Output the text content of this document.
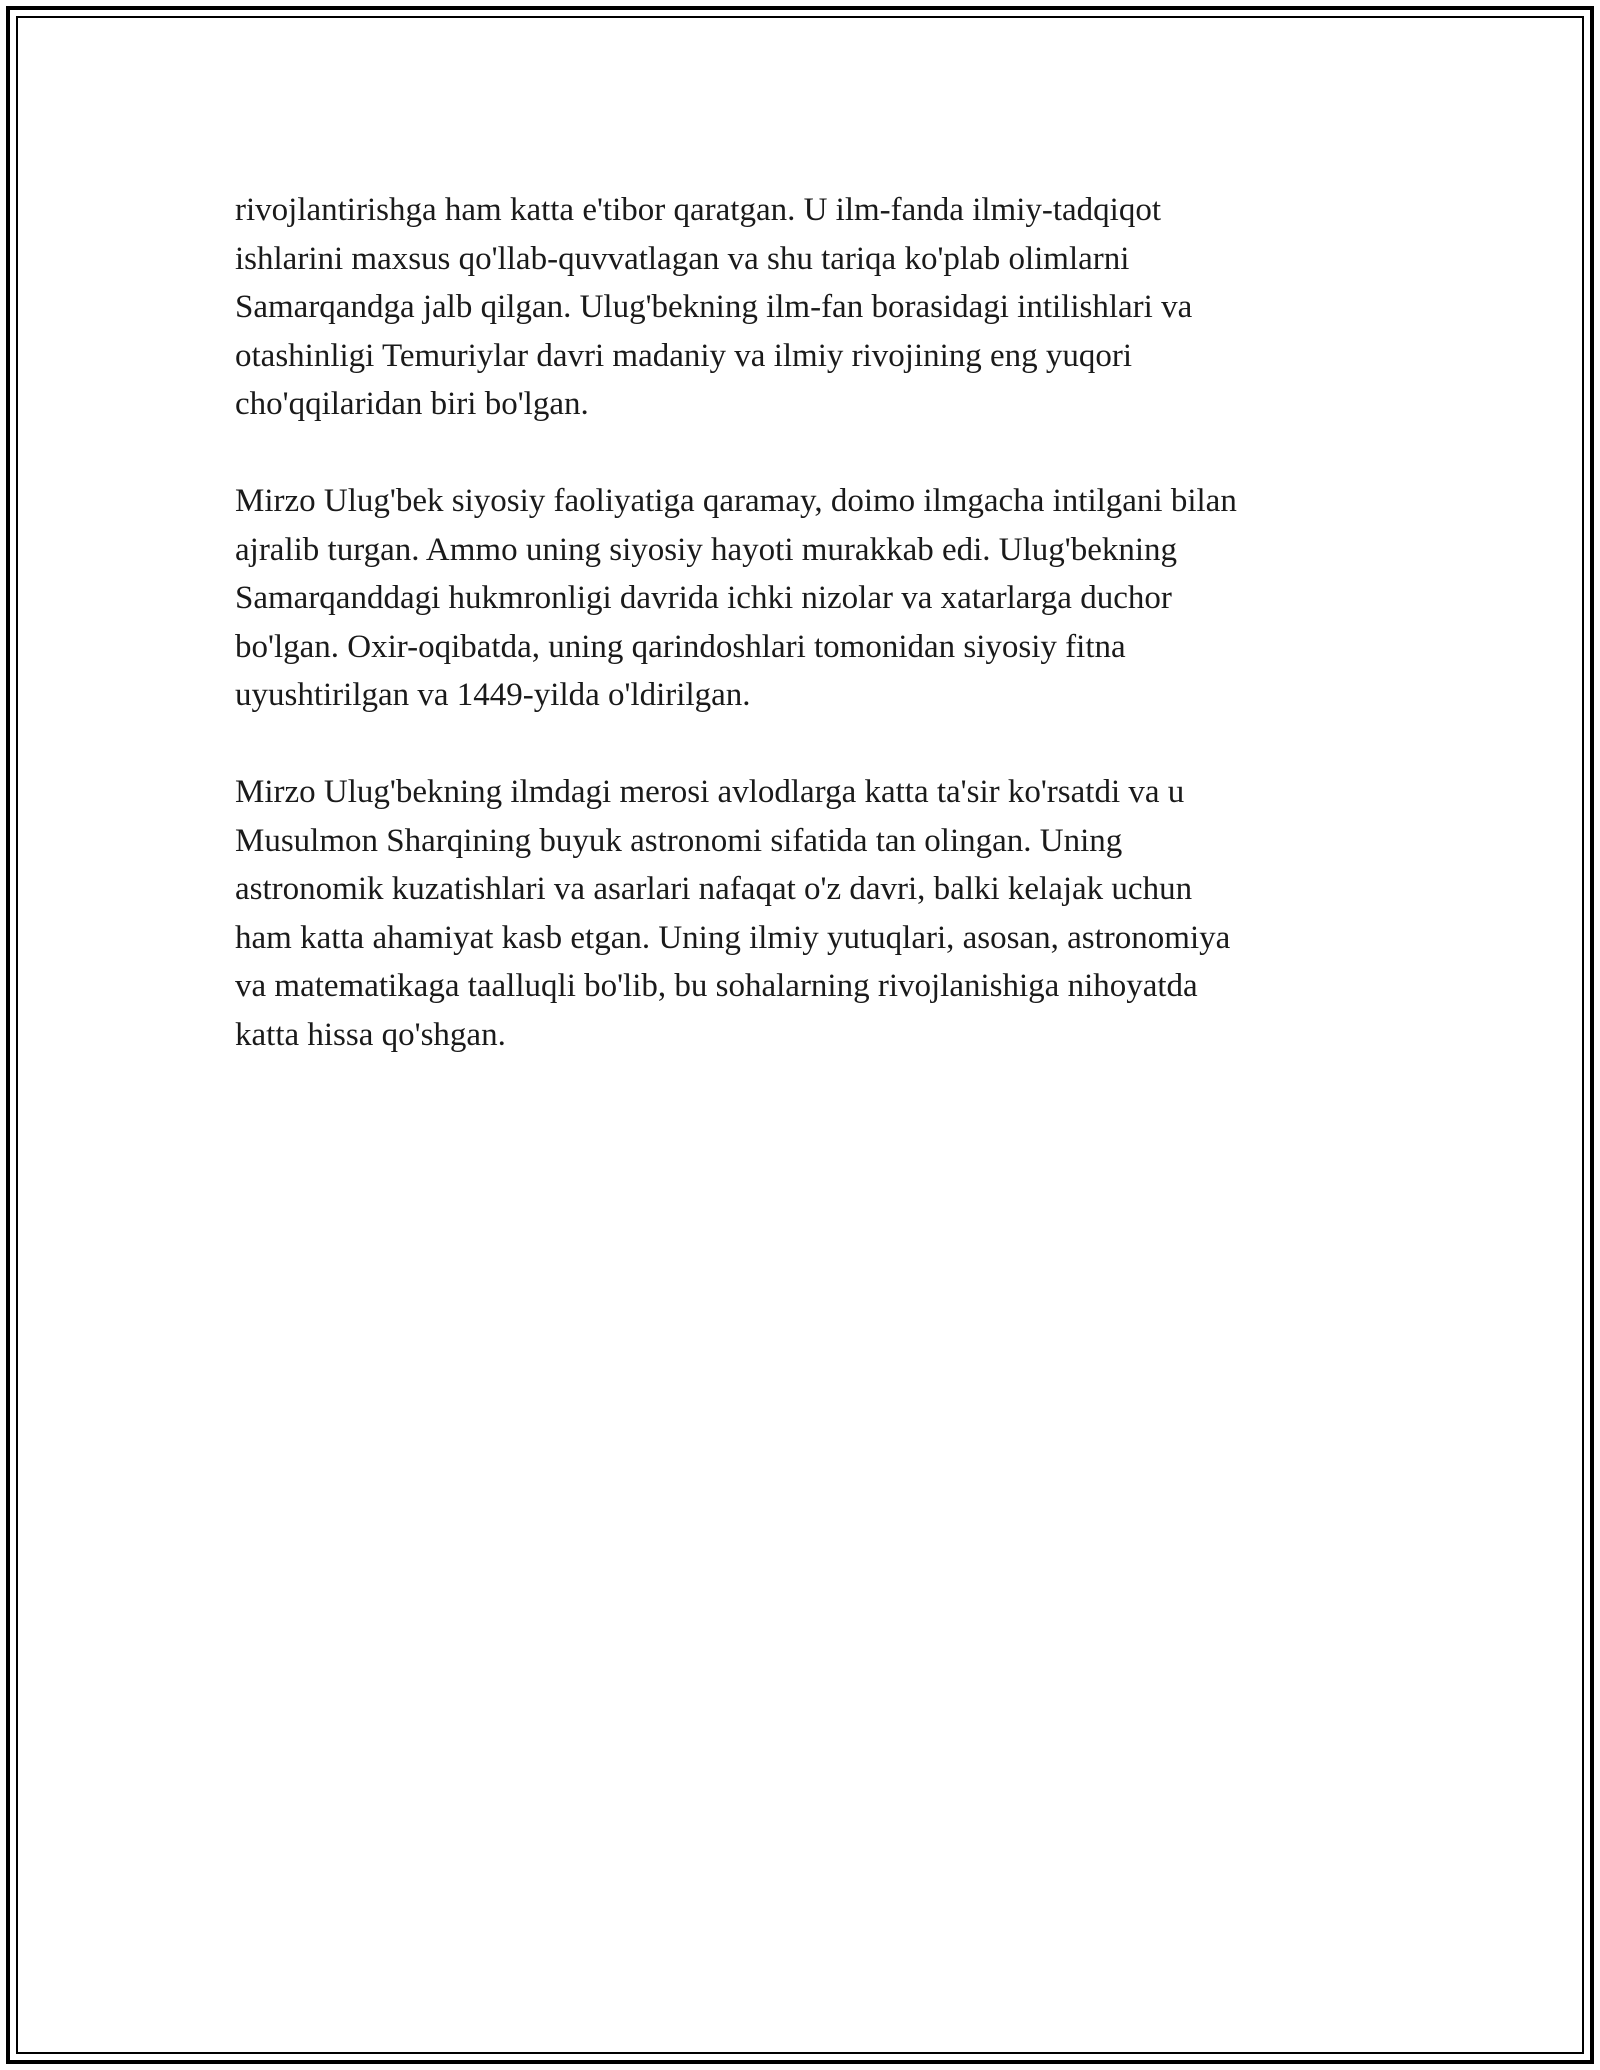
rivojlantirishga ham katta e'tibor qaratgan. U ilm-fanda ilmiy-tadqiqot
ishlarini maxsus qo'llab-quvvatlagan va shu tariqa ko'plab olimlarni
Samarqandga jalb qilgan. Ulug'bekning ilm-fan borasidagi intilishlari va
otashinligi Temuriylar davri madaniy va ilmiy rivojining eng yuqori
cho'qqilaridan biri bo'lgan.

Mirzo Ulug'bek siyosiy faoliyatiga qaramay, doimo ilmgacha intilgani bilan
ajralib turgan. Ammo uning siyosiy hayoti murakkab edi. Ulug'bekning
Samarqanddagi hukmronligi davrida ichki nizolar va xatarlarga duchor
bo'lgan. Oxir-oqibatda, uning qarindoshlari tomonidan siyosiy fitna
uyushtirilgan va 1449-yilda o'ldirilgan.

Mirzo Ulug'bekning ilmdagi merosi avlodlarga katta ta'sir ko'rsatdi va u
Musulmon Sharqining buyuk astronomi sifatida tan olingan. Uning
astronomik kuzatishlari va asarlari nafaqat o'z davri, balki kelajak uchun
ham katta ahamiyat kasb etgan. Uning ilmiy yutuqlari, asosan, astronomiya
va matematikaga taalluqli bo'lib, bu sohalarning rivojlanishiga nihoyatda
katta hissa qo'shgan.
